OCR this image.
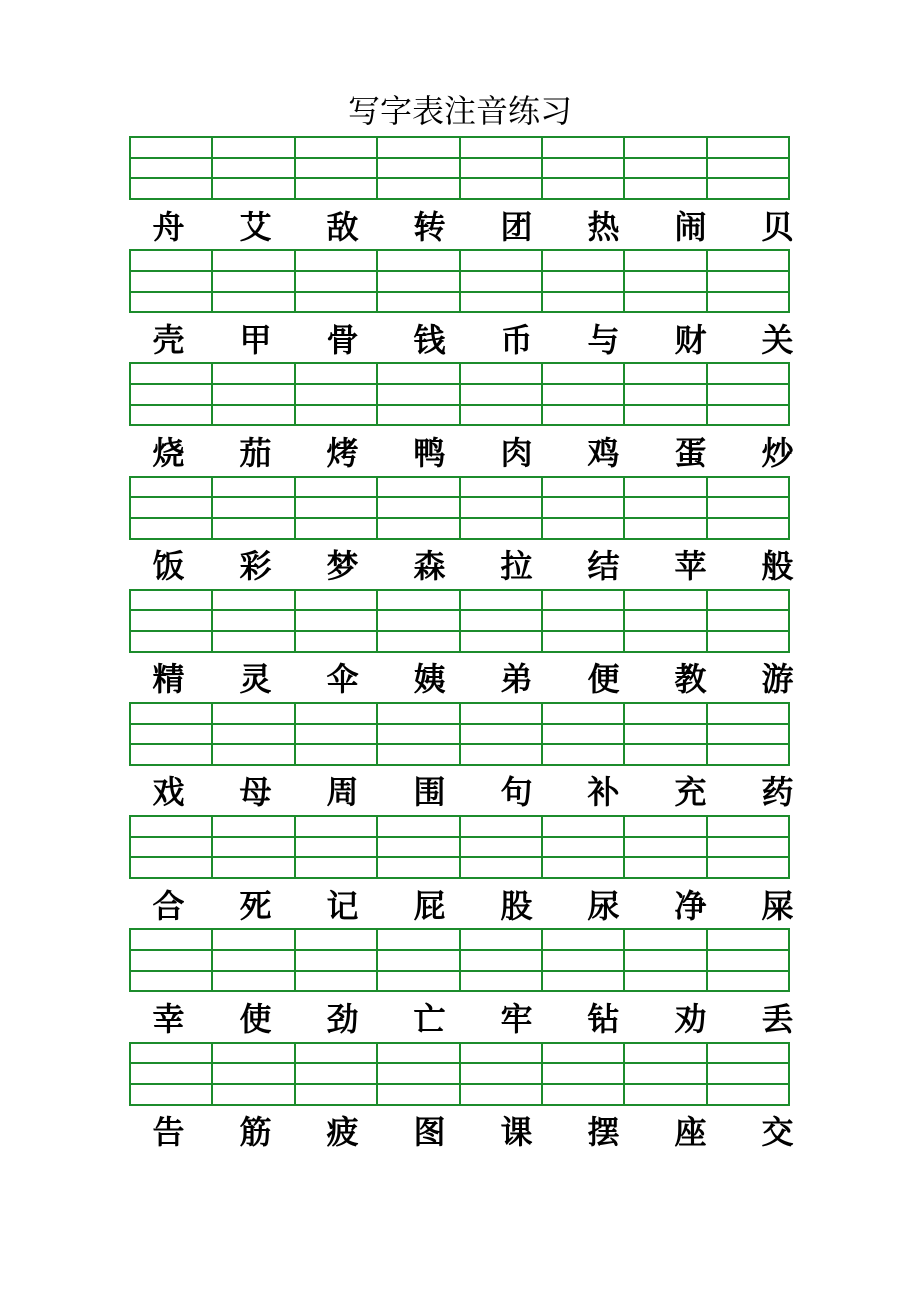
写字表注音练习
舟	艾	敌	转	团	热	闹	贝
壳	甲	骨	钱	币	与	财	关
烧	茄	烤	鸭	肉	鸡	蛋	炒
饭	彩	梦	森	拉	结	苹	般
精	灵	伞	姨	弟	便	教	游
戏	母	周	围	句	补	充	药
合	死	记	屁	股	尿	净	屎
幸	使	劲	亡	牢	钻	劝	丢
告	筋	疲	图	课	摆	座	交
